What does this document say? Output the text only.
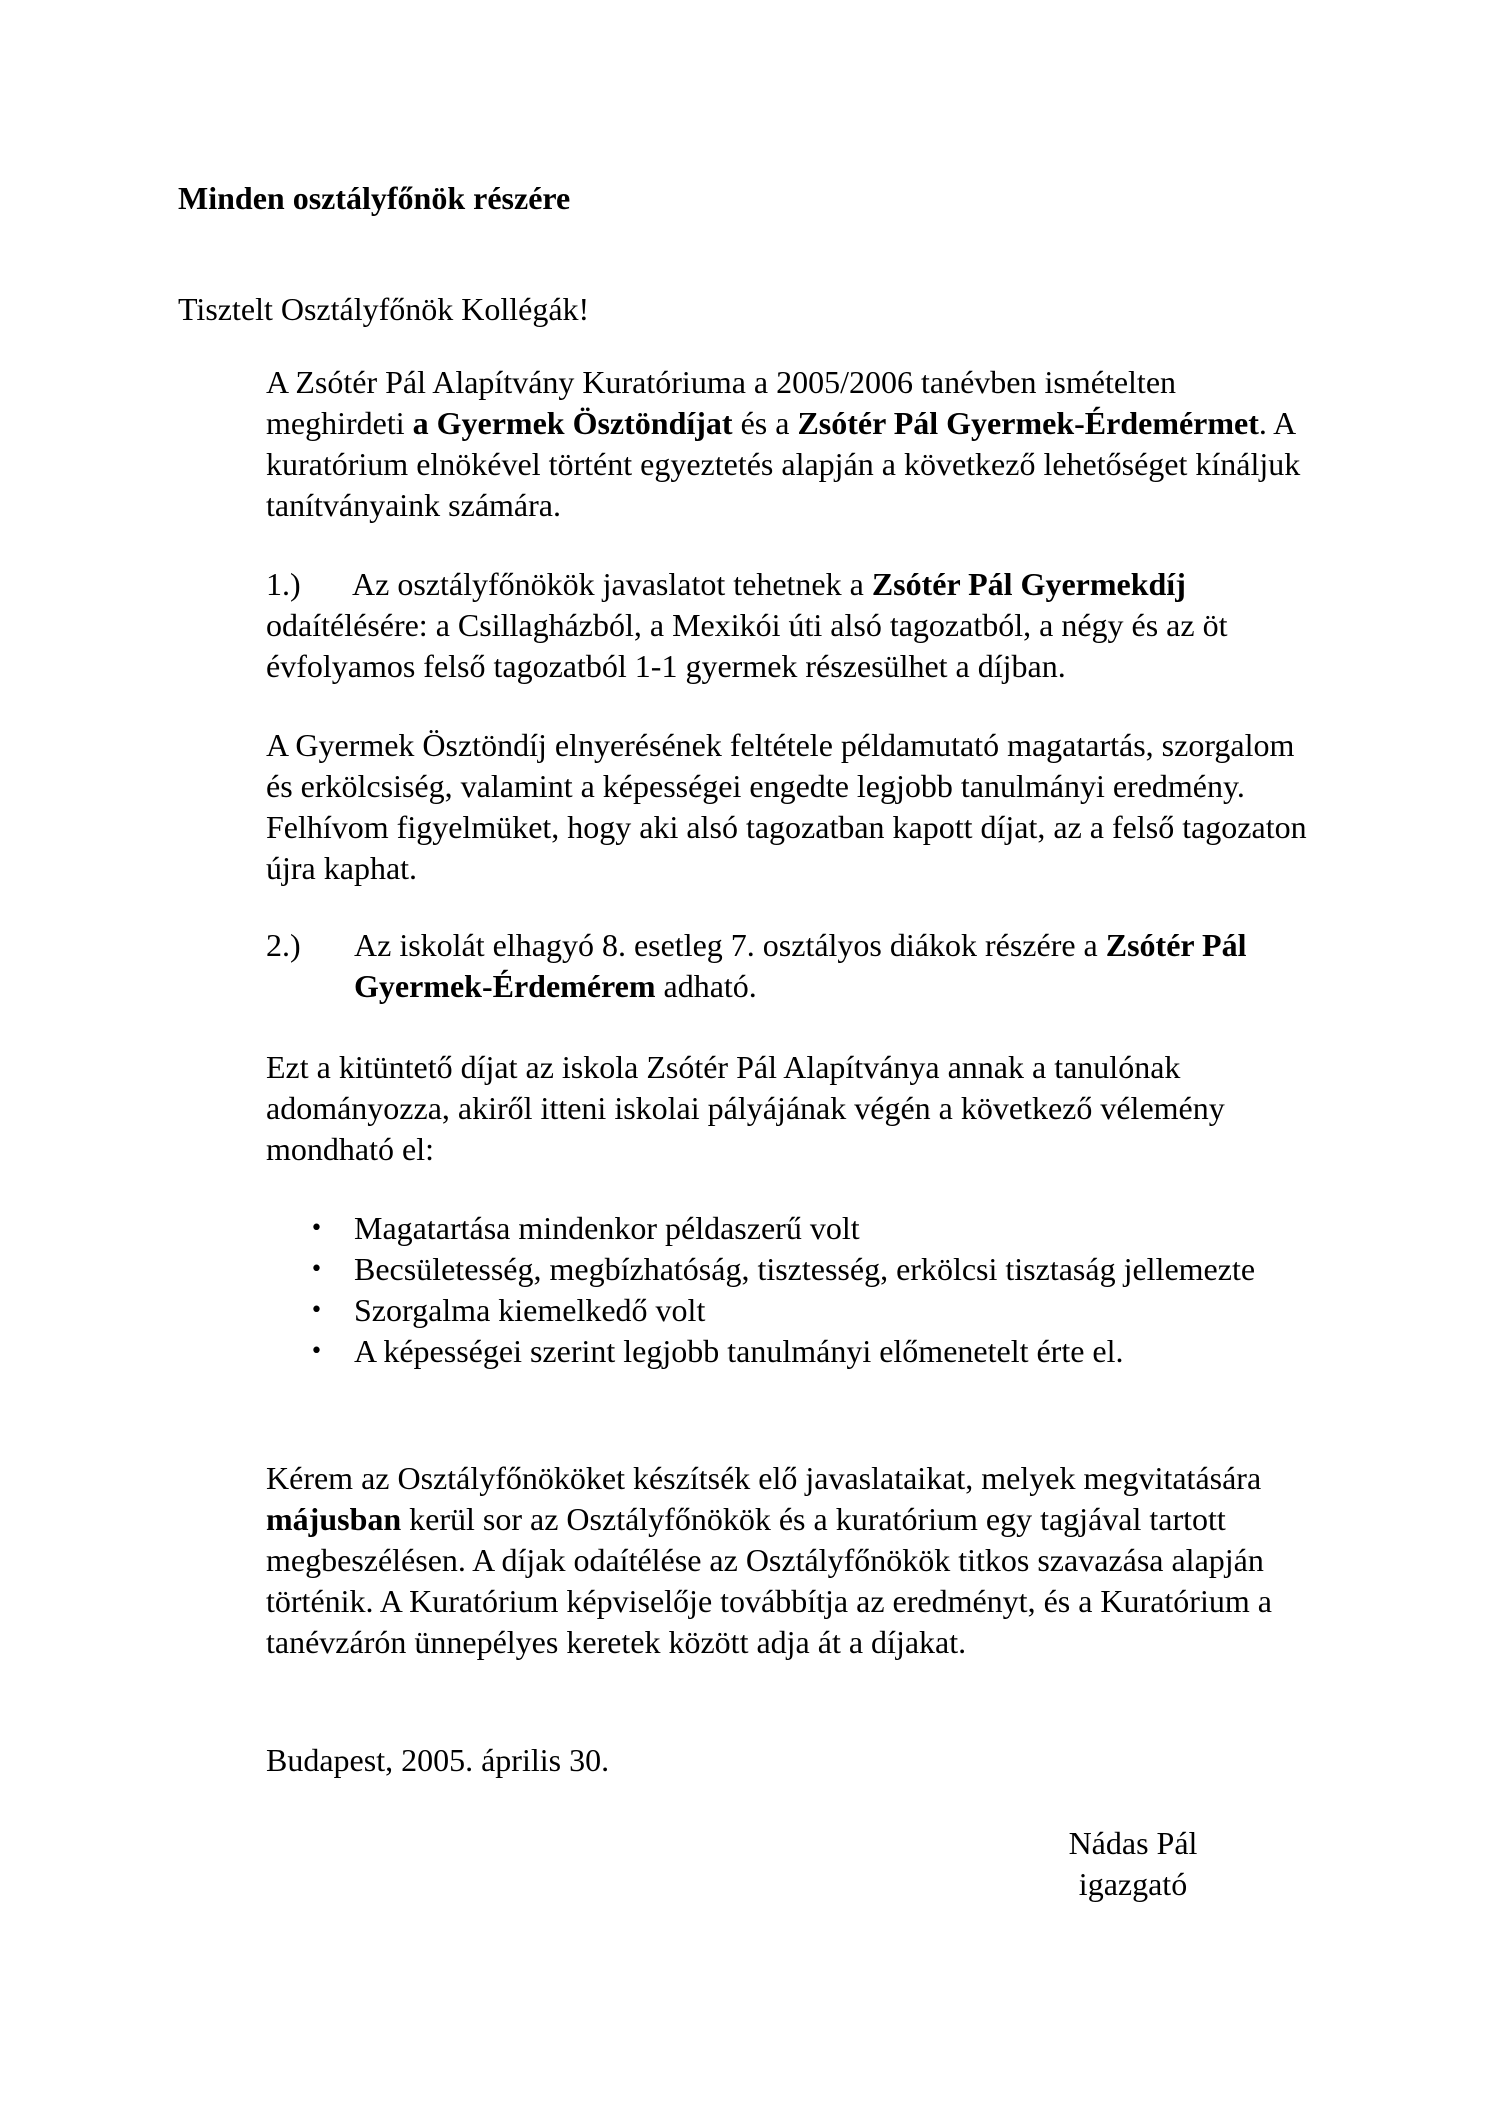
Minden osztályfőnök részére

Tisztelt Osztályfőnök Kollégák!

A Zsótér Pál Alapítvány Kuratóriuma a 2005/2006 tanévben ismételten meghirdeti a Gyermek Ösztöndíjat és a Zsótér Pál Gyermek-Érdemérmet. A kuratórium elnökével történt egyeztetés alapján a következő lehetőséget kínáljuk tanítványaink számára.

1.) Az osztályfőnökök javaslatot tehetnek a Zsótér Pál Gyermekdíj odaítélésére: a Csillagházból, a Mexikói úti alsó tagozatból, a négy és az öt évfolyamos felső tagozatból 1-1 gyermek részesülhet a díjban.

A Gyermek Ösztöndíj elnyerésének feltétele példamutató magatartás, szorgalom és erkölcsiség, valamint a képességei engedte legjobb tanulmányi eredmény. Felhívom figyelmüket, hogy aki alsó tagozatban kapott díjat, az a felső tagozaton újra kaphat.

2.) Az iskolát elhagyó 8. esetleg 7. osztályos diákok részére a Zsótér Pál Gyermek-Érdemérem adható.

Ezt a kitüntető díjat az iskola Zsótér Pál Alapítványa annak a tanulónak adományozza, akiről itteni iskolai pályájának végén a következő vélemény mondható el:

• Magatartása mindenkor példaszerű volt
• Becsületesség, megbízhatóság, tisztesség, erkölcsi tisztaság jellemezte
• Szorgalma kiemelkedő volt
• A képességei szerint legjobb tanulmányi előmenetelt érte el.

Kérem az Osztályfőnököket készítsék elő javaslataikat, melyek megvitatására májusban kerül sor az Osztályfőnökök és a kuratórium egy tagjával tartott megbeszélésen. A díjak odaítélése az Osztályfőnökök titkos szavazása alapján történik. A Kuratórium képviselője továbbítja az eredményt, és a Kuratórium a tanévzárón ünnepélyes keretek között adja át a díjakat.

Budapest, 2005. április 30.

Nádas Pál
igazgató
